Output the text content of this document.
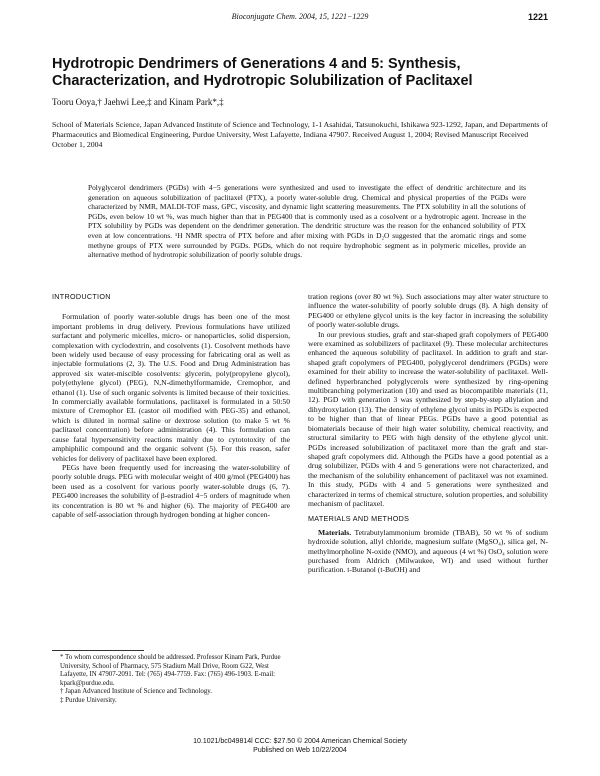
Bioconjugate Chem. 2004, 15, 1221−1229	1221
Hydrotropic Dendrimers of Generations 4 and 5: Synthesis,
Characterization, and Hydrotropic Solubilization of Paclitaxel
Tooru Ooya,† Jaehwi Lee,‡ and Kinam Park*,‡
School of Materials Science, Japan Advanced Institute of Science and Technology, 1-1 Asahidai, Tatsunokuchi, Ishikawa 923-1292, Japan, and Departments of Pharmaceutics and Biomedical Engineering, Purdue University, West Lafayette, Indiana 47907. Received August 1, 2004; Revised Manuscript Received October 1, 2004

Polyglycerol dendrimers (PGDs) with 4−5 generations were synthesized and used to investigate the effect of dendritic architecture and its generation on aqueous solubilization of paclitaxel (PTX), a poorly water-soluble drug. Chemical and physical properties of the PGDs were characterized by NMR, MALDI-TOF mass, GPC, viscosity, and dynamic light scattering measurements. The PTX solubility in all the solutions of PGDs, even below 10 wt %, was much higher than that in PEG400 that is commonly used as a cosolvent or a hydrotropic agent. Increase in the PTX solubility by PGDs was dependent on the dendrimer generation. The dendritic structure was the reason for the enhanced solubility of PTX even at low concentrations. ¹H NMR spectra of PTX before and after mixing with PGDs in D₂O suggested that the aromatic rings and some methyne groups of PTX were surrounded by PGDs. PGDs, which do not require hydrophobic segment as in polymeric micelles, provide an alternative method of hydrotropic solubilization of poorly soluble drugs.

INTRODUCTION

Formulation of poorly water-soluble drugs has been one of the most important problems in drug delivery. Previous formulations have utilized surfactant and polymeric micelles, micro- or nanoparticles, solid dispersion, complexation with cyclodextrin, and cosolvents (1). Cosolvent methods have been widely used because of easy processing for fabricating oral as well as injectable formulations (2, 3). The U.S. Food and Drug Administration has approved six water-miscible cosolvents: glycerin, poly(propylene glycol), poly(ethylene glycol) (PEG), N,N-dimethylformamide, Cremophor, and ethanol (1). Use of such organic solvents is limited because of their toxicities. In commercially available formulations, paclitaxel is formulated in a 50:50 mixture of Cremophor EL (castor oil modified with PEG-35) and ethanol, which is diluted in normal saline or dextrose solution (to make 5 wt % paclitaxel concentration) before administration (4). This formulation can cause fatal hypersensitivity reactions mainly due to cytototoxity of the amphiphilic compound and the organic solvent (5). For this reason, safer vehicles for delivery of paclitaxel have been explored.

PEGs have been frequently used for increasing the water-solubility of poorly soluble drugs. PEG with molecular weight of 400 g/mol (PEG400) has been used as a cosolvent for various poorly water-soluble drugs (6, 7). PEG400 increases the solubility of β-estradiol 4−5 orders of magnitude when its concentration is 80 wt % and higher (6). The majority of PEG400 are capable of self-association through hydrogen bonding at higher concen-

* To whom correspondence should be addressed. Professor Kinam Park, Purdue University, School of Pharmacy, 575 Stadium Mall Drive, Room G22, West Lafayette, IN 47907-2091. Tel: (765) 494-7759. Fax: (765) 496-1903. E-mail: kpark@purdue.edu.

† Japan Advanced Institute of Science and Technology.

‡ Purdue University.

tration regions (over 80 wt %). Such associations may alter water structure to influence the water-solubility of poorly soluble drugs (8). A high density of PEG400 or ethylene glycol units is the key factor in increasing the solubility of poorly water-soluble drugs.

In our previous studies, graft and star-shaped graft copolymers of PEG400 were examined as solubilizers of paclitaxel (9). These molecular architectures enhanced the aqueous solubility of paclitaxel. In addition to graft and star-shaped graft copolymers of PEG400, polyglycerol dendrimers (PGDs) were examined for their ability to increase the water-solubility of paclitaxel. Well-defined hyperbranched polyglycerols were synthesized by ring-opening multibranching polymerization (10) and used as biocompatible materials (11, 12). PGD with generation 3 was synthesized by step-by-step allylation and dihydroxylation (13). The density of ethylene glycol units in PGDs is expected to be higher than that of linear PEGs. PGDs have a good potential as biomaterials because of their high water solubility, chemical reactivity, and structural similarity to PEG with high density of the ethylene glycol unit. PGDs increased solubilization of paclitaxel more than the graft and star-shaped graft copolymers did. Although the PGDs have a good potential as a drug solubilizer, PGDs with 4 and 5 generations were not characterized, and the mechanism of the solubility enhancement of paclitaxel was not examined. In this study, PGDs with 4 and 5 generations were synthesized and characterized in terms of chemical structure, solution properties, and solubility mechanism of paclitaxel.

MATERIALS AND METHODS

Materials. Tetrabutylammonium bromide (TBAB), 50 wt % of sodium hydroxide solution, allyl chloride, magnesium sulfate (MgSO₄), silica gel, N-methylmorpholine N-oxide (NMO), and aqueous (4 wt %) OsO₄ solution were purchased from Aldrich (Milwaukee, WI) and used without further purification. t-Butanol (t-BuOH) and

10.1021/bc049814l CCC: $27.50 © 2004 American Chemical Society
Published on Web 10/22/2004
